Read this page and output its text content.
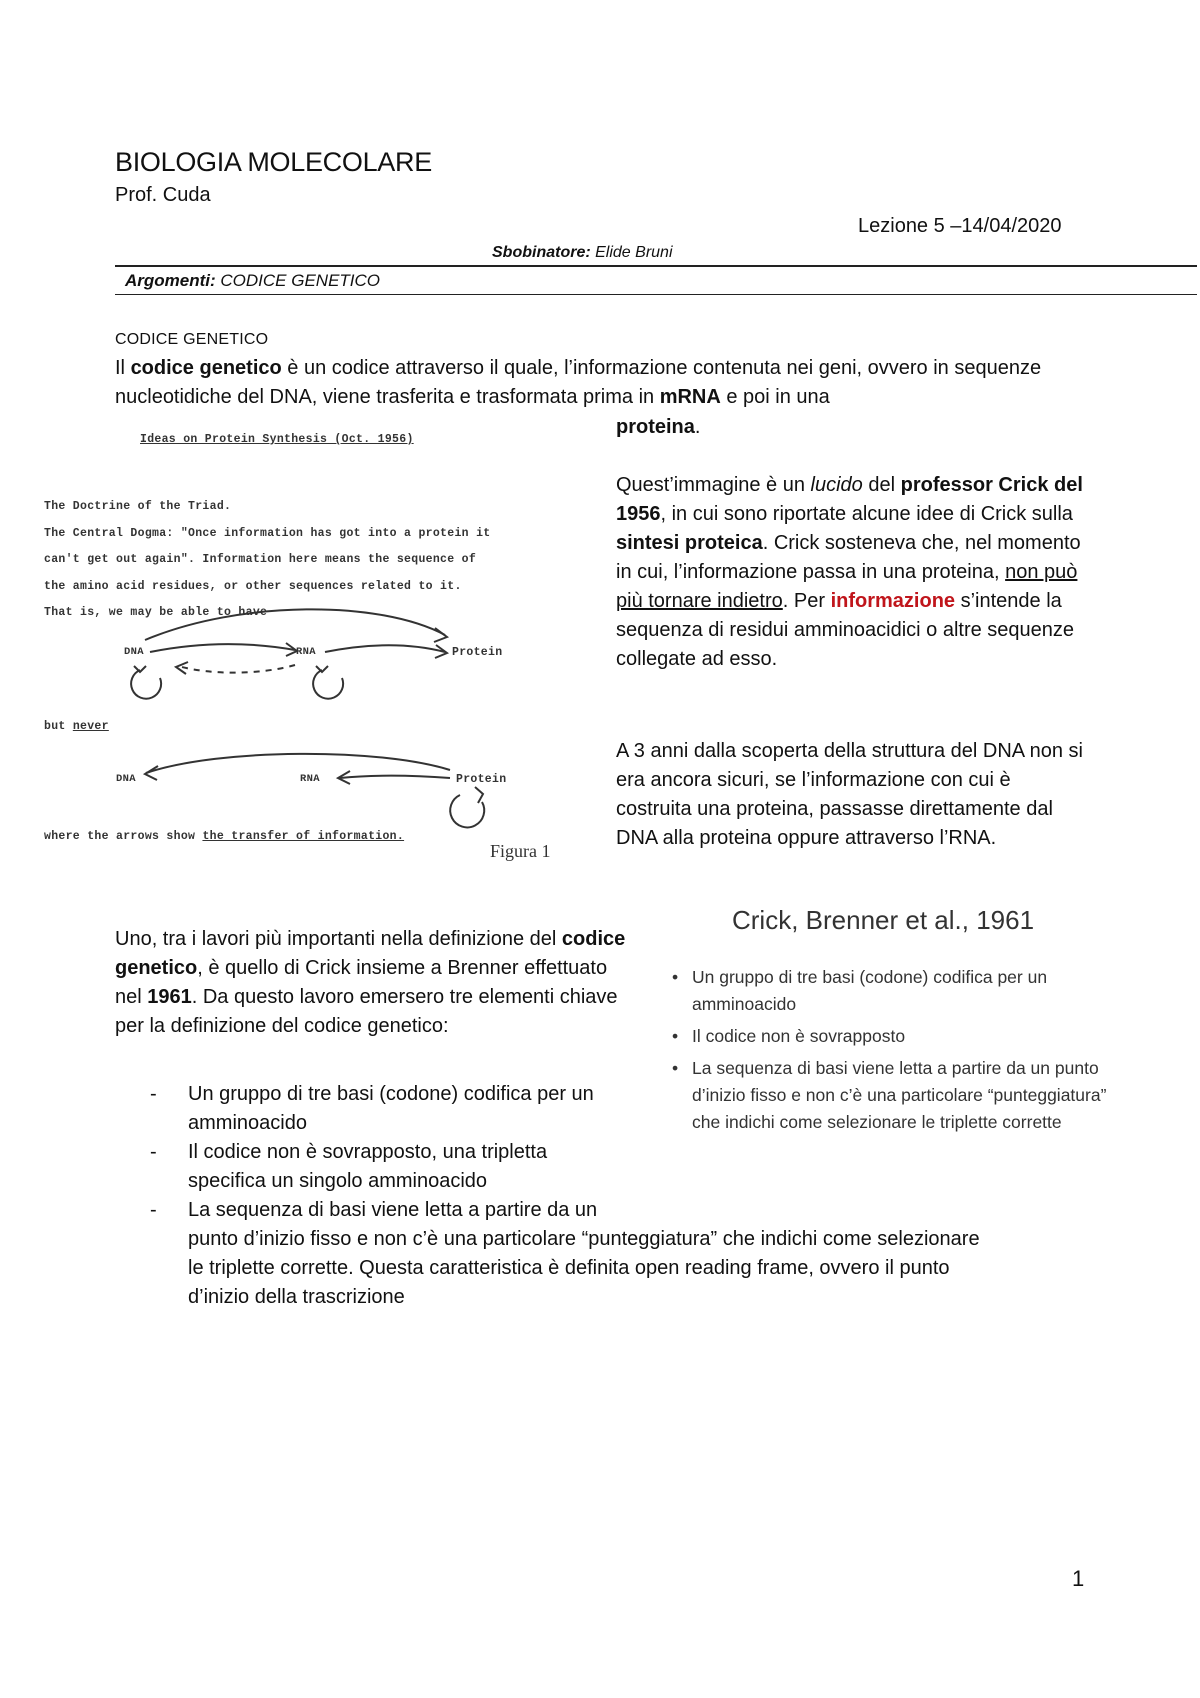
BIOLOGIA MOLECOLARE
Prof. Cuda
Lezione 5 –14/04/2020
Sbobinatore: Elide Bruni
Argomenti: CODICE GENETICO
CODICE GENETICO
Il codice genetico è un codice attraverso il quale, l’informazione contenuta nei geni, ovvero in sequenze nucleotidiche del DNA, viene trasferita e trasformata prima in mRNA e poi in una
proteina.
Ideas on Protein Synthesis (Oct. 1956)
The Doctrine of the Triad.
The Central Dogma: "Once information has got into a protein it
can't get out again". Information here means the sequence of
the amino acid residues, or other sequences related to it.
That is, we may be able to have
DNA	RNA	Protein
but never
DNA	RNA	Protein
where the arrows show the transfer of information.
Figura 1
Quest’immagine è un lucido del professor Crick del 1956, in cui sono riportate alcune idee di Crick sulla sintesi proteica. Crick sosteneva che, nel momento in cui, l’informazione passa in una proteina, non può più tornare indietro. Per informazione s’intende la sequenza di residui amminoacidici o altre sequenze collegate ad esso.
A 3 anni dalla scoperta della struttura del DNA non si era ancora sicuri, se l’informazione con cui è costruita una proteina, passasse direttamente dal DNA alla proteina oppure attraverso l’RNA.
Crick, Brenner et al., 1961
• Un gruppo di tre basi (codone) codifica per un amminoacido
• Il codice non è sovrapposto
• La sequenza di basi viene letta a partire da un punto d’inizio fisso e non c’è una particolare “punteggiatura” che indichi come selezionare le triplette corrette
Uno, tra i lavori più importanti nella definizione del codice genetico, è quello di Crick insieme a Brenner effettuato nel 1961. Da questo lavoro emersero tre elementi chiave per la definizione del codice genetico:
- Un gruppo di tre basi (codone) codifica per un
amminoacido
- Il codice non è sovrapposto, una tripletta
specifica un singolo amminoacido
- La sequenza di basi viene letta a partire da un
punto d’inizio fisso e non c’è una particolare “punteggiatura” che indichi come selezionare
le triplette corrette. Questa caratteristica è definita open reading frame, ovvero il punto
d’inizio della trascrizione
1
